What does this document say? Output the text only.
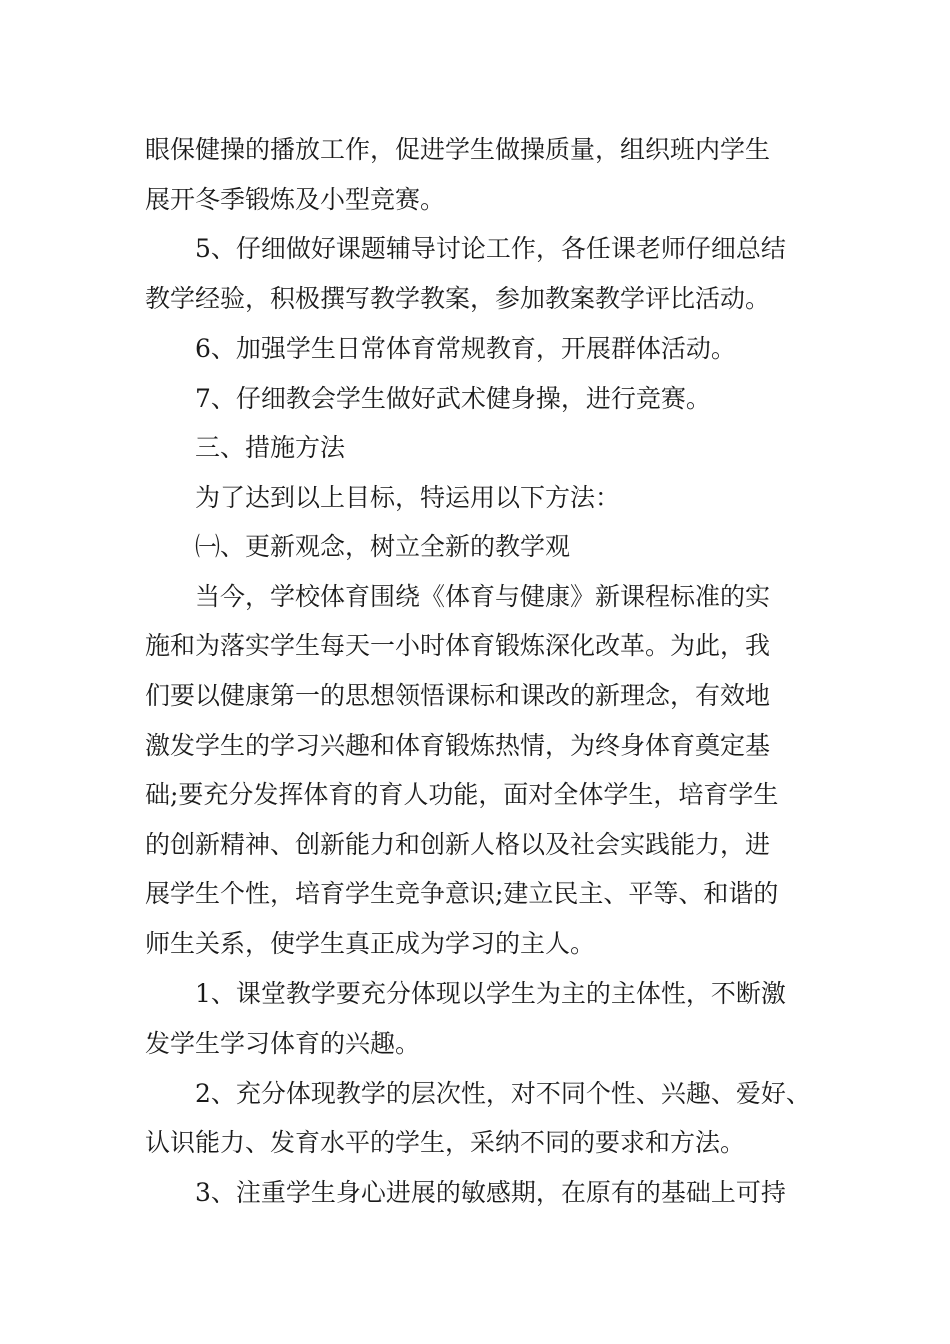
眼保健操的播放工作，促进学生做操质量，组织班内学生
展开冬季锻炼及小型竞赛。
5、仔细做好课题辅导讨论工作，各任课老师仔细总结
教学经验，积极撰写教学教案，参加教案教学评比活动。
6、加强学生日常体育常规教育，开展群体活动。
7、仔细教会学生做好武术健身操，进行竞赛。
三、措施方法
为了达到以上目标，特运用以下方法：
㈠、更新观念，树立全新的教学观
当今，学校体育围绕《体育与健康》新课程标准的实
施和为落实学生每天一小时体育锻炼深化改革。为此，我
们要以健康第一的思想领悟课标和课改的新理念，有效地
激发学生的学习兴趣和体育锻炼热情，为终身体育奠定基
础;要充分发挥体育的育人功能，面对全体学生，培育学生
的创新精神、创新能力和创新人格以及社会实践能力，进
展学生个性，培育学生竞争意识;建立民主、平等、和谐的
师生关系，使学生真正成为学习的主人。
1、课堂教学要充分体现以学生为主的主体性，不断激
发学生学习体育的兴趣。
2、充分体现教学的层次性，对不同个性、兴趣、爱好、
认识能力、发育水平的学生，采纳不同的要求和方法。
3、注重学生身心进展的敏感期，在原有的基础上可持
